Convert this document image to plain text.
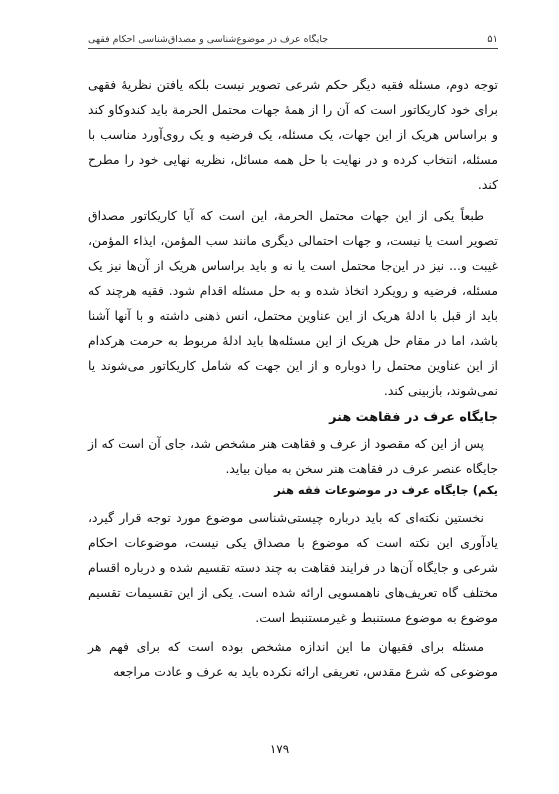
۵۱
جایگاه عرف در موضوع‌شناسی و مصداق‌شناسی احکام فقهی

توجه دوم، مسئله فقیه دیگر حکم شرعی تصویر نیست بلکه یافتن نظریهٔ فقهی برای خود کاریکاتور است که آن را از همهٔ جهات محتمل الحرمة باید کندوکاو کند و براساس هریک از این جهات، یک مسئله، یک فرضیه و یک روی‌آورد مناسب با مسئله، انتخاب کرده و در نهایت با حل همه مسائل، نظریه نهایی خود را مطرح کند.

طبعاً یکی از این جهات محتمل الحرمة، این است که آیا کاریکاتور مصداق تصویر است یا نیست، و جهات احتمالی دیگری مانند سب المؤمن، ایذاء المؤمن، غیبت و... نیز در این‌جا محتمل است یا نه و باید براساس هریک از آن‌ها نیز یک مسئله، فرضیه و رویکرد اتخاذ شده و به حل مسئله اقدام شود. فقیه هرچند که باید از قبل با ادلهٔ هریک از این عناوین محتمل، انس ذهنی داشته و با آنها آشنا باشد، اما در مقام حل هریک از این مسئله‌ها باید ادلهٔ مربوط به حرمت هرکدام از این عناوین محتمل را دوباره و از این جهت که شامل کاریکاتور می‌شوند یا نمی‌شوند، بازبینی کند.

جایگاه عرف در فقاهت هنر

پس از این که مقصود از عرف و فقاهت هنر مشخص شد، جای آن است که از جایگاه عنصر عرف در فقاهت هنر سخن به میان بیاید.

یکم) جایگاه عرف در موضوعات فقه هنر

نخستین نکته‌ای که باید درباره چیستی‌شناسی موضوع مورد توجه قرار گیرد، یادآوری این نکته است که موضوع با مصداق یکی نیست، موضوعات احکام شرعی و جایگاه آن‌ها در فرایند فقاهت به چند دسته تقسیم شده و درباره اقسام مختلف گاه تعریف‌های ناهمسویی ارائه شده است. یکی از این تقسیمات تقسیم موضوع به موضوع مستنبط و غیرمستنبط است.

مسئله برای فقیهان ما این اندازه مشخص بوده است که برای فهم هر موضوعی که شرع مقدس، تعریفی ارائه نکرده باید به عرف و عادت مراجعه

۱۷۹
